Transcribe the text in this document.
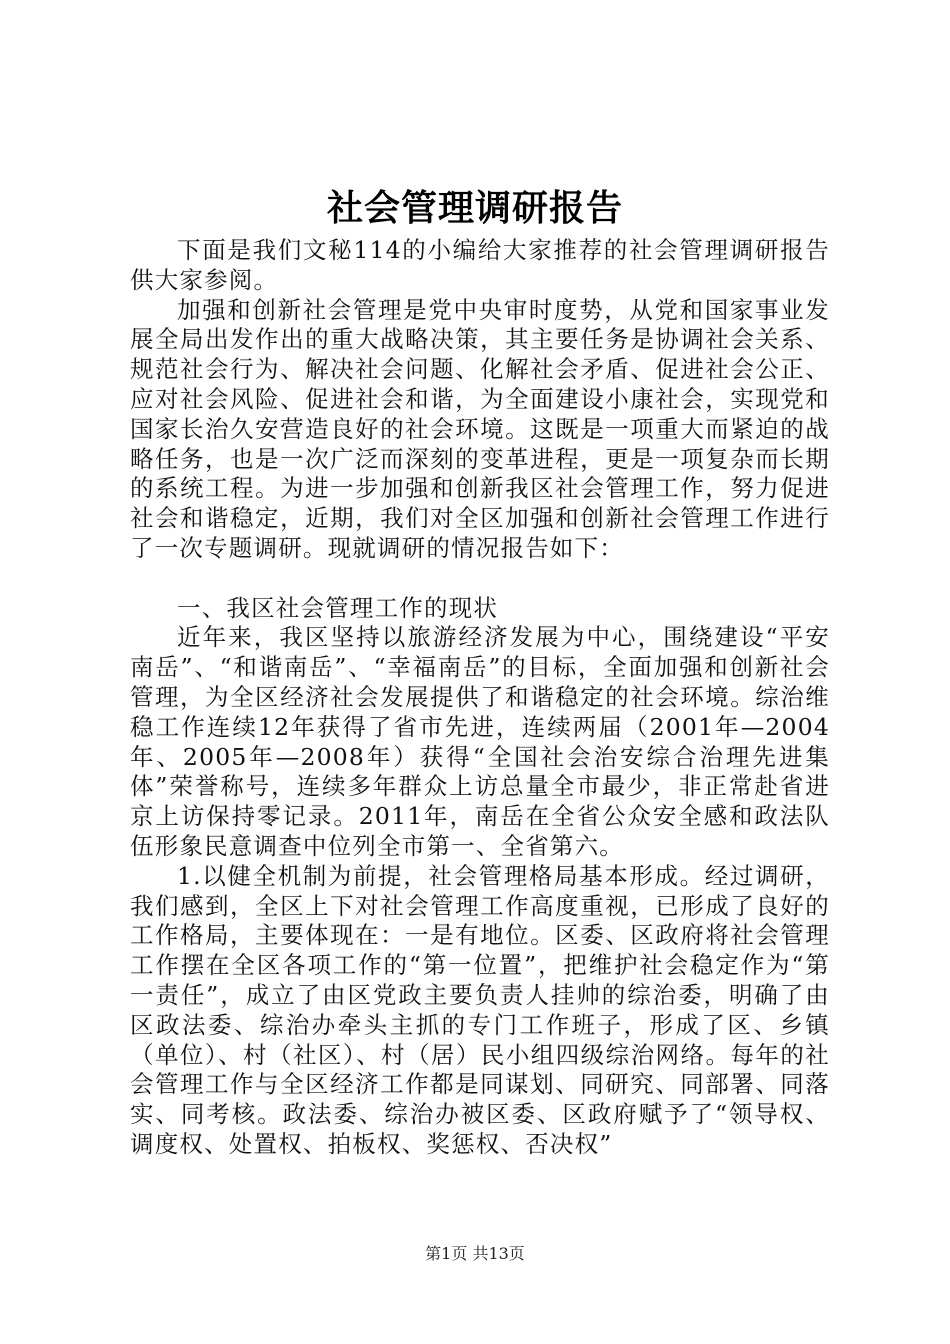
社会管理调研报告

下面是我们文秘114的小编给大家推荐的社会管理调研报告供大家参阅。

加强和创新社会管理是党中央审时度势，从党和国家事业发展全局出发作出的重大战略决策，其主要任务是协调社会关系、规范社会行为、解决社会问题、化解社会矛盾、促进社会公正、应对社会风险、促进社会和谐，为全面建设小康社会，实现党和国家长治久安营造良好的社会环境。这既是一项重大而紧迫的战略任务，也是一次广泛而深刻的变革进程，更是一项复杂而长期的系统工程。为进一步加强和创新我区社会管理工作，努力促进社会和谐稳定，近期，我们对全区加强和创新社会管理工作进行了一次专题调研。现就调研的情况报告如下：

一、我区社会管理工作的现状

近年来，我区坚持以旅游经济发展为中心，围绕建设“平安南岳”、“和谐南岳”、“幸福南岳”的目标，全面加强和创新社会管理，为全区经济社会发展提供了和谐稳定的社会环境。综治维稳工作连续12年获得了省市先进，连续两届（2001年—2004年、2005年—2008年）获得“全国社会治安综合治理先进集体”荣誉称号，连续多年群众上访总量全市最少，非正常赴省进京上访保持零记录。2011年，南岳在全省公众安全感和政法队伍形象民意调查中位列全市第一、全省第六。

1.以健全机制为前提，社会管理格局基本形成。经过调研，我们感到，全区上下对社会管理工作高度重视，已形成了良好的工作格局，主要体现在：一是有地位。区委、区政府将社会管理工作摆在全区各项工作的“第一位置”，把维护社会稳定作为“第一责任”，成立了由区党政主要负责人挂帅的综治委，明确了由区政法委、综治办牵头主抓的专门工作班子，形成了区、乡镇（单位）、村（社区）、村（居）民小组四级综治网络。每年的社会管理工作与全区经济工作都是同谋划、同研究、同部署、同落实、同考核。政法委、综治办被区委、区政府赋予了“领导权、调度权、处置权、拍板权、奖惩权、否决权”

第1页 共13页
